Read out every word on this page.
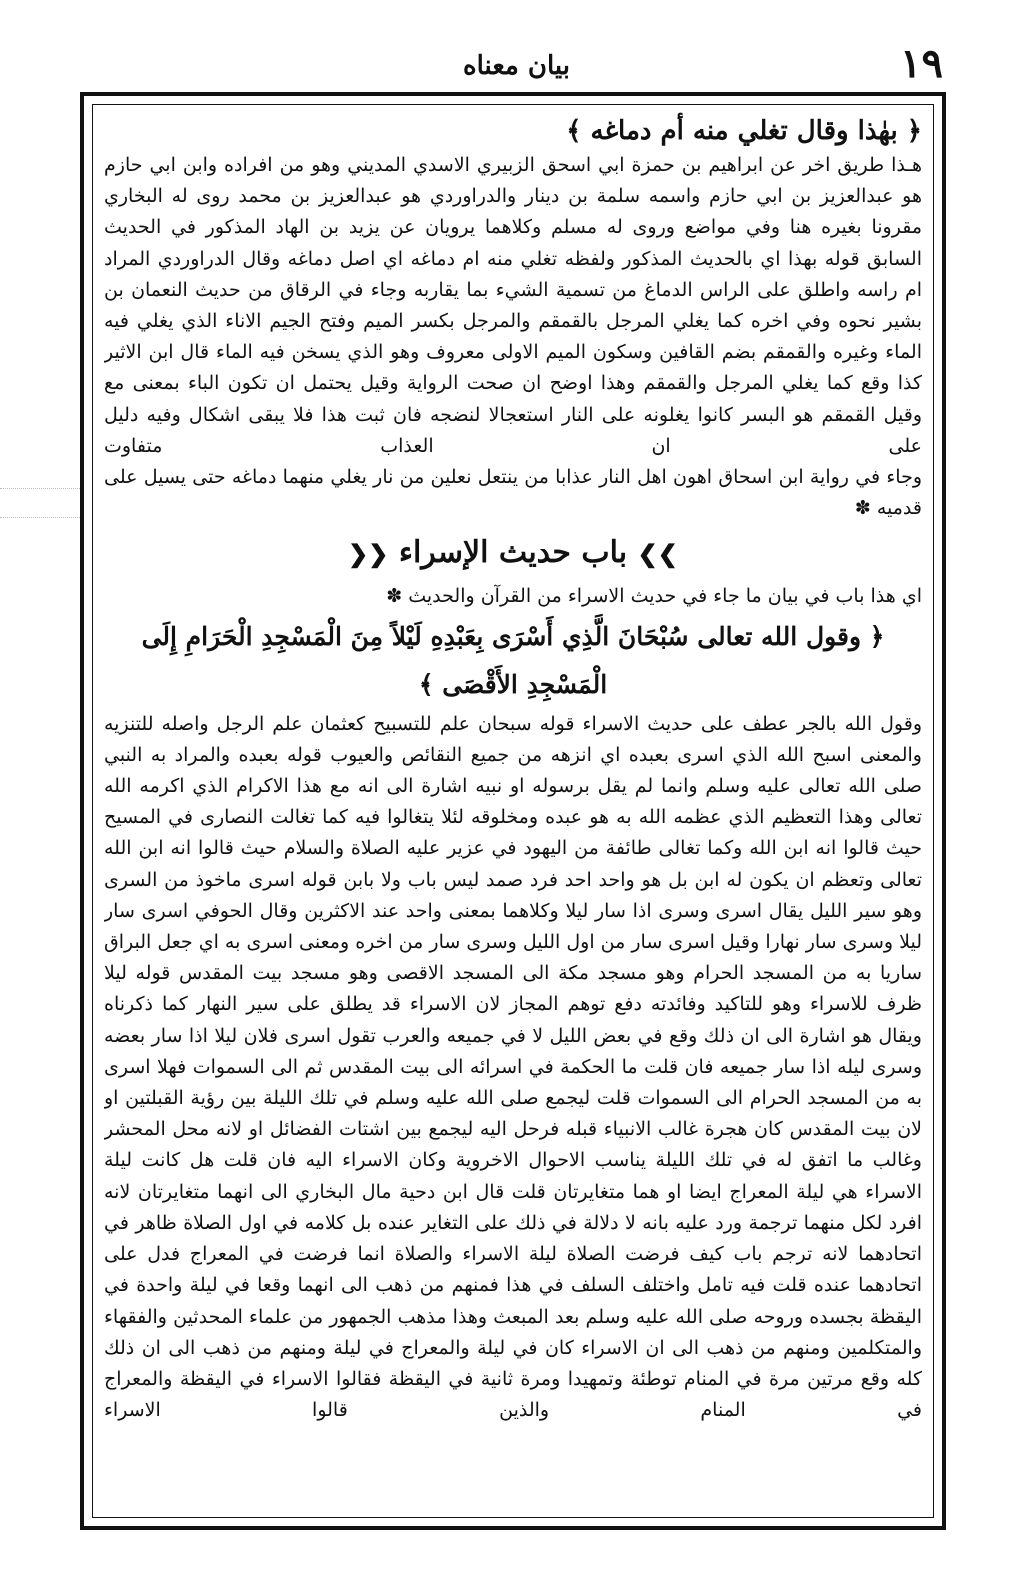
١٩
بیان معناه

﴿ بهٰذا وقال تغلي منه أم دماغه ﴾

هـذا طريق اخر عن ابراهيم بن حمزة ابي اسحق الزبيري الاسدي المديني وهو من افراده وابن ابي حازم هو عبدالعزيز بن ابي حازم واسمه سلمة بن دينار والدراوردي هو عبدالعزيز بن محمد روى له البخاري مقرونا بغيره هنا وفي مواضع وروى له مسلم وكلاهما يرويان عن يزيد بن الهاد المذكور في الحديث السابق قوله بهذا اي بالحديث المذكور ولفظه تغلي منه ام دماغه اي اصل دماغه وقال الدراوردي المراد ام راسه واطلق على الراس الدماغ من تسمية الشيء بما يقاربه وجاء في الرقاق من حديث النعمان بن بشير نحوه وفي اخره كما يغلي المرجل بالقمقم والمرجل بكسر الميم وفتح الجيم الاناء الذي يغلي فيه الماء وغيره والقمقم بضم القافين وسكون الميم الاولى معروف وهو الذي يسخن فيه الماء قال ابن الاثير كذا وقع كما يغلي المرجل والقمقم وهذا اوضح ان صحت الرواية وقيل يحتمل ان تكون الباء بمعنى مع وقيل القمقم هو البسر كانوا يغلونه على النار استعجالا لنضجه فان ثبت هذا فلا يبقى اشكال وفيه دليل على ان العذاب متفاوت

وجاء في رواية ابن اسحاق اهون اهل النار عذابا من ينتعل نعلين من نار يغلي منهما دماغه حتى يسيل على قدميه ✽

❯❯ باب حديث الإسراء ❮❮

اي هذا باب في بيان ما جاء في حديث الاسراء من القرآن والحديث ✽

﴿ وقول الله تعالى سُبْحَانَ الَّذِي أَسْرَى بِعَبْدِهِ لَيْلاً مِنَ الْمَسْجِدِ الْحَرَامِ إِلَى الْمَسْجِدِ الأَقْصَى ﴾

وقول الله بالجر عطف على حديث الاسراء قوله سبحان علم للتسبيح كعثمان علم الرجل واصله للتنزيه والمعنى اسبح الله الذي اسرى بعبده اي انزهه من جميع النقائص والعيوب قوله بعبده والمراد به النبي صلى الله تعالى عليه وسلم وانما لم يقل برسوله او نبيه اشارة الى انه مع هذا الاكرام الذي اكرمه الله تعالى وهذا التعظيم الذي عظمه الله به هو عبده ومخلوقه لئلا يتغالوا فيه كما تغالت النصارى في المسيح حيث قالوا انه ابن الله وكما تغالى طائفة من اليهود في عزير عليه الصلاة والسلام حيث قالوا انه ابن الله تعالى وتعظم ان يكون له ابن بل هو واحد احد فرد صمد ليس باب ولا بابن قوله اسرى ماخوذ من السرى وهو سير الليل يقال اسرى وسرى اذا سار ليلا وكلاهما بمعنى واحد عند الاكثرين وقال الحوفي اسرى سار ليلا وسرى سار نهارا وقيل اسرى سار من اول الليل وسرى سار من اخره ومعنى اسرى به اي جعل البراق ساريا به من المسجد الحرام وهو مسجد مكة الى المسجد الاقصى وهو مسجد بيت المقدس قوله ليلا ظرف للاسراء وهو للتاكيد وفائدته دفع توهم المجاز لان الاسراء قد يطلق على سير النهار كما ذكرناه ويقال هو اشارة الى ان ذلك وقع في بعض الليل لا في جميعه والعرب تقول اسرى فلان ليلا اذا سار بعضه وسرى ليله اذا سار جميعه فان قلت ما الحكمة في اسرائه الى بيت المقدس ثم الى السموات فهلا اسرى به من المسجد الحرام الى السموات قلت ليجمع صلى الله عليه وسلم في تلك الليلة بين رؤية القبلتين او لان بيت المقدس كان هجرة غالب الانبياء قبله فرحل اليه ليجمع بين اشتات الفضائل او لانه محل المحشر وغالب ما اتفق له في تلك الليلة يناسب الاحوال الاخروية وكان الاسراء اليه فان قلت هل كانت ليلة الاسراء هي ليلة المعراج ايضا او هما متغايرتان قلت قال ابن دحية مال البخاري الى انهما متغايرتان لانه افرد لكل منهما ترجمة ورد عليه بانه لا دلالة في ذلك على التغاير عنده بل كلامه في اول الصلاة ظاهر في اتحادهما لانه ترجم باب كيف فرضت الصلاة ليلة الاسراء والصلاة انما فرضت في المعراج فدل على اتحادهما عنده قلت فيه تامل واختلف السلف في هذا فمنهم من ذهب الى انهما وقعا في ليلة واحدة في اليقظة بجسده وروحه صلى الله عليه وسلم بعد المبعث وهذا مذهب الجمهور من علماء المحدثين والفقهاء والمتكلمين ومنهم من ذهب الى ان الاسراء كان في ليلة والمعراج في ليلة ومنهم من ذهب الى ان ذلك كله وقع مرتين مرة في المنام توطئة وتمهيدا ومرة ثانية في اليقظة فقالوا الاسراء في اليقظة والمعراج في المنام والذين قالوا الاسراء
